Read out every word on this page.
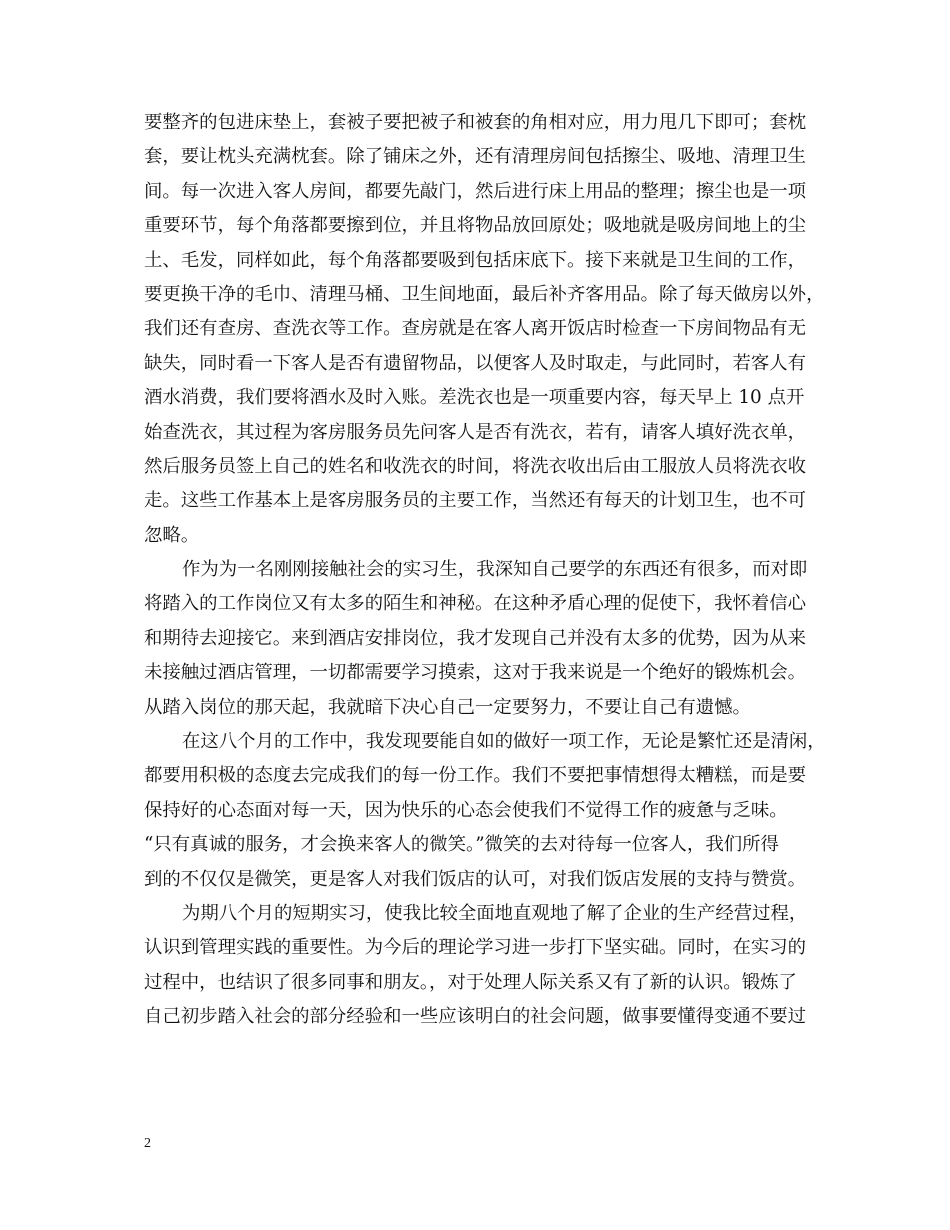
要整齐的包进床垫上，套被子要把被子和被套的角相对应，用力甩几下即可；套枕
套，要让枕头充满枕套。除了铺床之外，还有清理房间包括擦尘、吸地、清理卫生
间。每一次进入客人房间，都要先敲门，然后进行床上用品的整理；擦尘也是一项
重要环节，每个角落都要擦到位，并且将物品放回原处；吸地就是吸房间地上的尘
土、毛发，同样如此，每个角落都要吸到包括床底下。接下来就是卫生间的工作，
要更换干净的毛巾、清理马桶、卫生间地面，最后补齐客用品。除了每天做房以外，
我们还有查房、查洗衣等工作。查房就是在客人离开饭店时检查一下房间物品有无
缺失，同时看一下客人是否有遗留物品，以便客人及时取走，与此同时，若客人有
酒水消费，我们要将酒水及时入账。差洗衣也是一项重要内容，每天早上 10 点开
始查洗衣，其过程为客房服务员先问客人是否有洗衣，若有，请客人填好洗衣单，
然后服务员签上自己的姓名和收洗衣的时间，将洗衣收出后由工服放人员将洗衣收
走。这些工作基本上是客房服务员的主要工作，当然还有每天的计划卫生，也不可
忽略。
作为为一名刚刚接触社会的实习生，我深知自己要学的东西还有很多，而对即
将踏入的工作岗位又有太多的陌生和神秘。在这种矛盾心理的促使下，我怀着信心
和期待去迎接它。来到酒店安排岗位，我才发现自己并没有太多的优势，因为从来
未接触过酒店管理，一切都需要学习摸索，这对于我来说是一个绝好的锻炼机会。
从踏入岗位的那天起，我就暗下决心自己一定要努力，不要让自己有遗憾。
在这八个月的工作中，我发现要能自如的做好一项工作，无论是繁忙还是清闲，
都要用积极的态度去完成我们的每一份工作。我们不要把事情想得太糟糕，而是要
保持好的心态面对每一天，因为快乐的心态会使我们不觉得工作的疲惫与乏味。
“只有真诚的服务，才会换来客人的微笑。”微笑的去对待每一位客人，我们所得
到的不仅仅是微笑，更是客人对我们饭店的认可，对我们饭店发展的支持与赞赏。
为期八个月的短期实习，使我比较全面地直观地了解了企业的生产经营过程，
认识到管理实践的重要性。为今后的理论学习进一步打下坚实础。同时，在实习的
过程中，也结识了很多同事和朋友。，对于处理人际关系又有了新的认识。锻炼了
自己初步踏入社会的部分经验和一些应该明白的社会问题，做事要懂得变通不要过
2
